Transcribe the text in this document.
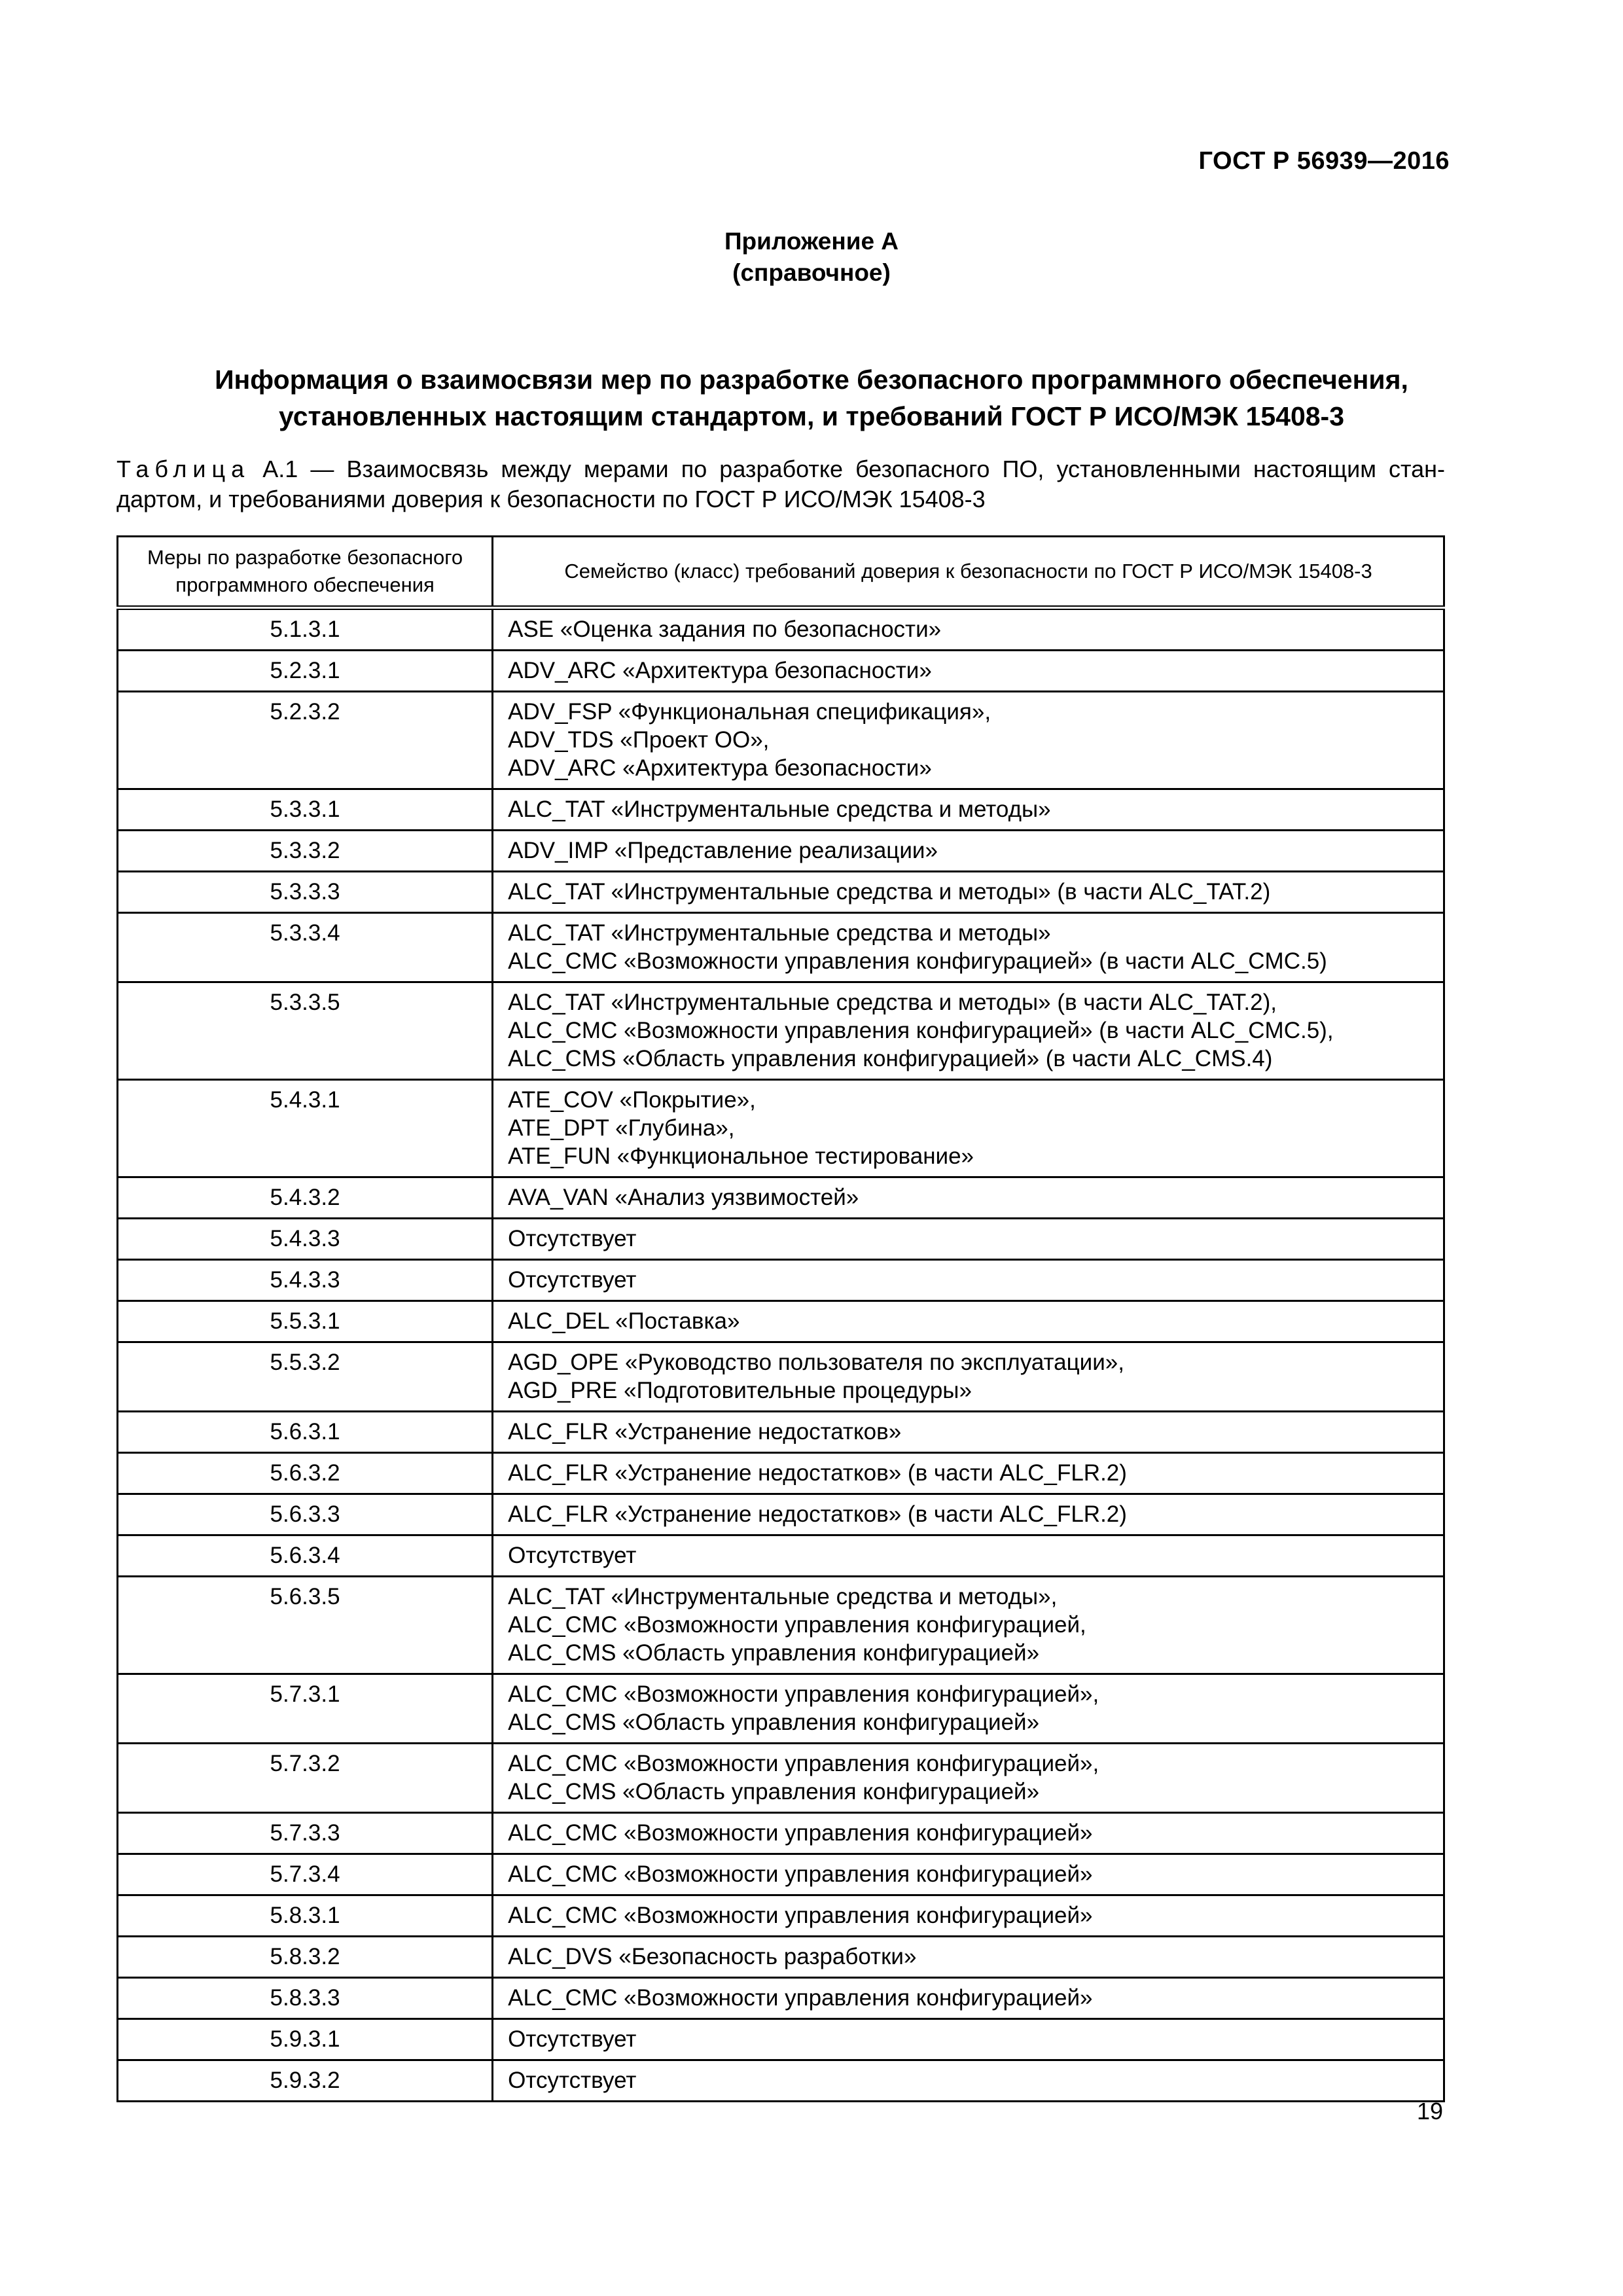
ГОСТ Р 56939—2016
Приложение А
(справочное)
Информация о взаимосвязи мер по разработке безопасного программного обеспечения,
установленных настоящим стандартом, и требований ГОСТ Р ИСО/МЭК 15408-3
Таблица А.1 — Взаимосвязь между мерами по разработке безопасного ПО, установленными настоящим стан-дартом, и требованиями доверия к безопасности по ГОСТ Р ИСО/МЭК 15408-3
Меры по разработке безопасного
программного обеспечения	Семейство (класс) требований доверия к безопасности по ГОСТ Р ИСО/МЭК 15408-3

5.1.3.1	ASE «Оценка задания по безопасности»

5.2.3.1	ADV_ARC «Архитектура безопасности»

5.2.3.2	ADV_FSP «Функциональная спецификация»,
ADV_TDS «Проект ОО»,
ADV_ARC «Архитектура безопасности»

5.3.3.1	ALC_TAT «Инструментальные средства и методы»

5.3.3.2	ADV_IMP «Представление реализации»

5.3.3.3	ALC_TAT «Инструментальные средства и методы» (в части ALC_TAT.2)

5.3.3.4	ALC_TAT «Инструментальные средства и методы»
ALC_CMC «Возможности управления конфигурацией» (в части ALC_CMC.5)

5.3.3.5	ALC_TAT «Инструментальные средства и методы» (в части ALC_TAT.2),
ALC_CMC «Возможности управления конфигурацией» (в части ALC_CMC.5),
ALC_CMS «Область управления конфигурацией» (в части ALC_CMS.4)

5.4.3.1	ATE_COV «Покрытие»,
ATE_DPT «Глубина»,
ATE_FUN «Функциональное тестирование»

5.4.3.2	AVA_VAN «Анализ уязвимостей»

5.4.3.3	Отсутствует

5.4.3.3	Отсутствует

5.5.3.1	ALC_DEL «Поставка»

5.5.3.2	AGD_OPE «Руководство пользователя по эксплуатации»,
AGD_PRE «Подготовительные процедуры»

5.6.3.1	ALC_FLR «Устранение недостатков»

5.6.3.2	ALC_FLR «Устранение недостатков» (в части ALC_FLR.2)

5.6.3.3	ALC_FLR «Устранение недостатков» (в части ALC_FLR.2)

5.6.3.4	Отсутствует

5.6.3.5	ALC_TAT «Инструментальные средства и методы»,
ALC_CMC «Возможности управления конфигурацией,
ALC_CMS «Область управления конфигурацией»

5.7.3.1	ALC_CMC «Возможности управления конфигурацией»,
ALC_CMS «Область управления конфигурацией»

5.7.3.2	ALC_CMC «Возможности управления конфигурацией»,
ALC_CMS «Область управления конфигурацией»

5.7.3.3	ALC_CMC «Возможности управления конфигурацией»

5.7.3.4	ALC_CMC «Возможности управления конфигурацией»

5.8.3.1	ALC_CMC «Возможности управления конфигурацией»

5.8.3.2	ALC_DVS «Безопасность разработки»

5.8.3.3	ALC_CMC «Возможности управления конфигурацией»

5.9.3.1	Отсутствует

5.9.3.2	Отсутствует
19
